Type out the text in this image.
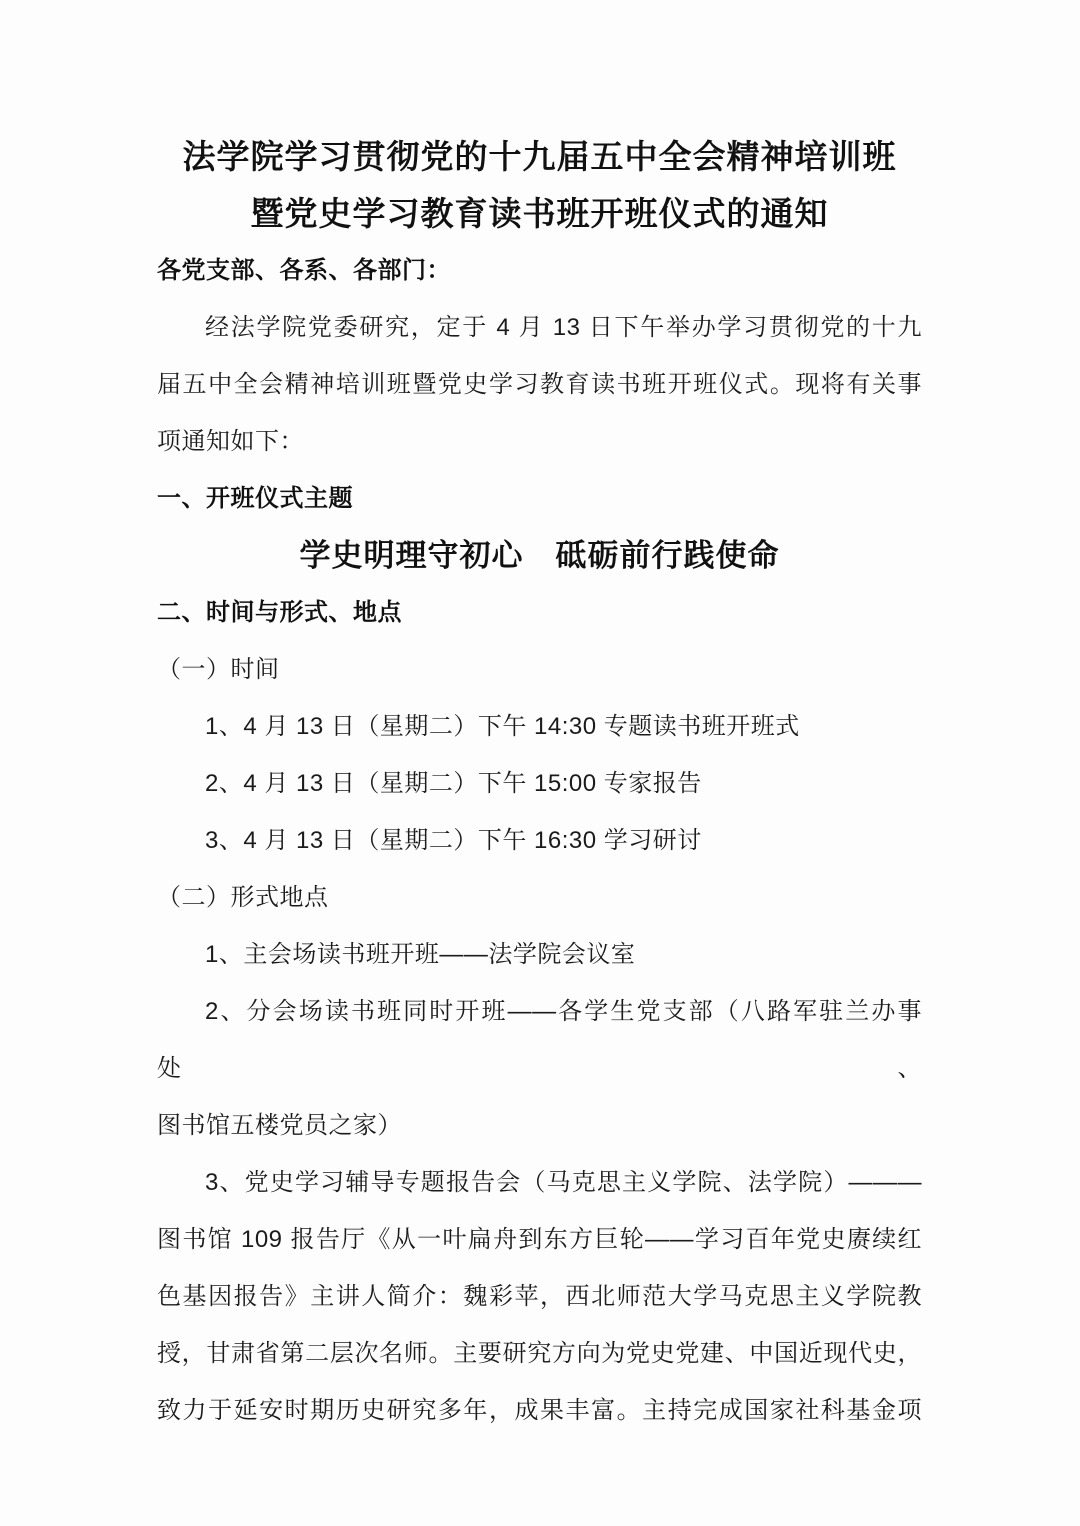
法学院学习贯彻党的十九届五中全会精神培训班

暨党史学习教育读书班开班仪式的通知

各党支部、各系、各部门：

经法学院党委研究，定于 4 月 13 日下午举办学习贯彻党的十九

届五中全会精神培训班暨党史学习教育读书班开班仪式。现将有关事

项通知如下：

一、开班仪式主题

学史明理守初心　砥砺前行践使命

二、时间与形式、地点

（一）时间

1、4 月 13 日（星期二）下午 14:30 专题读书班开班式

2、4 月 13 日（星期二）下午 15:00 专家报告

3、4 月 13 日（星期二）下午 16:30 学习研讨

（二）形式地点

1、主会场读书班开班——法学院会议室

2、分会场读书班同时开班——各学生党支部（八路军驻兰办事处、

图书馆五楼党员之家）

3、党史学习辅导专题报告会（马克思主义学院、法学院）———

图书馆 109 报告厅《从一叶扁舟到东方巨轮——学习百年党史赓续红

色基因报告》主讲人简介：魏彩苹，西北师范大学马克思主义学院教

授，甘肃省第二层次名师。主要研究方向为党史党建、中国近现代史，

致力于延安时期历史研究多年，成果丰富。主持完成国家社科基金项
